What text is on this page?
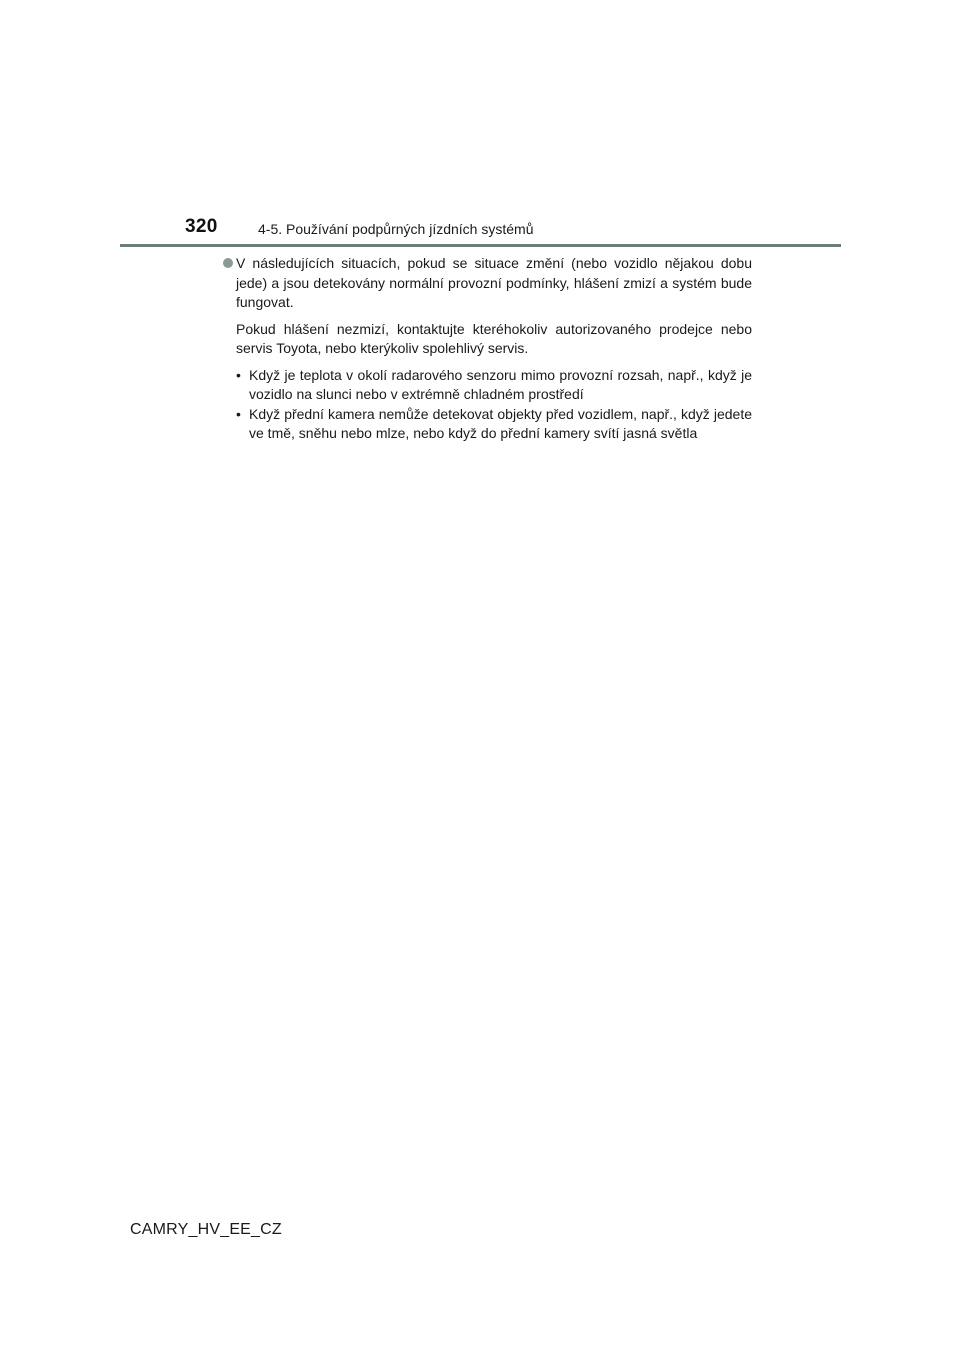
320	4-5. Používání podpůrných jízdních systémů

V následujících situacích, pokud se situace změní (nebo vozidlo nějakou dobu jede) a jsou detekovány normální provozní podmínky, hlášení zmizí a systém bude fungovat.

Pokud hlášení nezmizí, kontaktujte kteréhokoliv autorizovaného prodejce nebo servis Toyota, nebo kterýkoliv spolehlivý servis.

• Když je teplota v okolí radarového senzoru mimo provozní rozsah, např., když je vozidlo na slunci nebo v extrémně chladném prostředí
• Když přední kamera nemůže detekovat objekty před vozidlem, např., když jedete ve tmě, sněhu nebo mlze, nebo když do přední kamery svítí jasná světla
CAMRY_HV_EE_CZ
